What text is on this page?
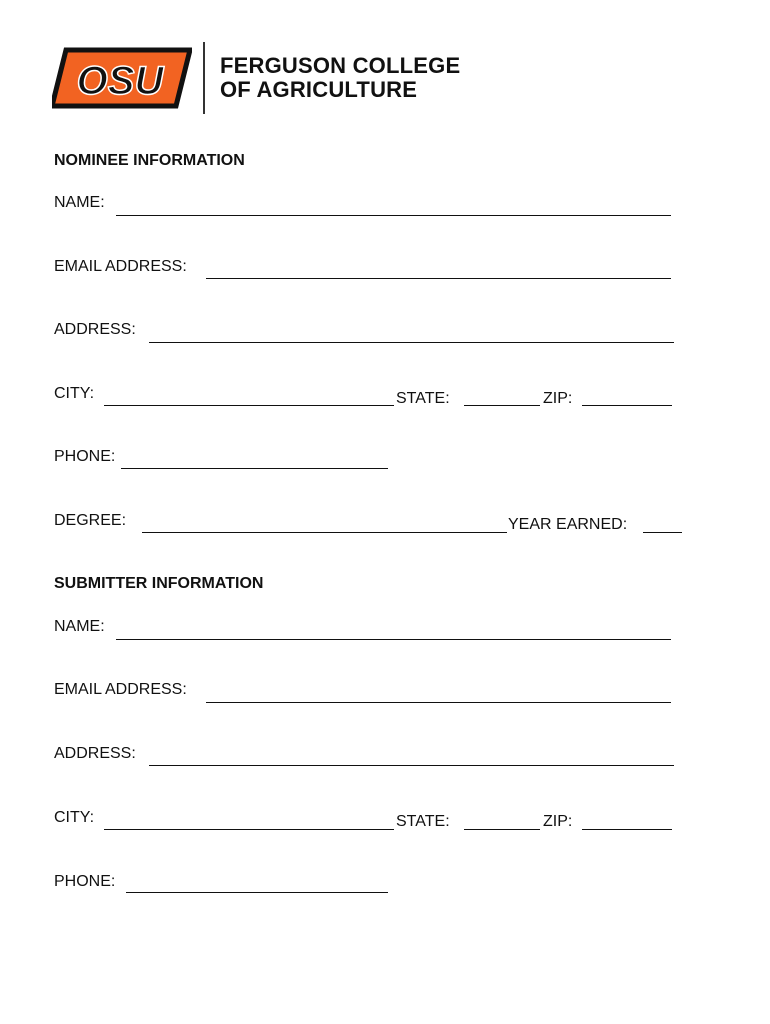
OSU	FERGUSON COLLEGE
OF AGRICULTURE
NOMINEE INFORMATION
NAME:
EMAIL ADDRESS:
ADDRESS:
CITY:	STATE:	ZIP:
PHONE:
DEGREE:	YEAR EARNED:
SUBMITTER INFORMATION
NAME:
EMAIL ADDRESS:
ADDRESS:
CITY:	STATE:	ZIP:
PHONE:
